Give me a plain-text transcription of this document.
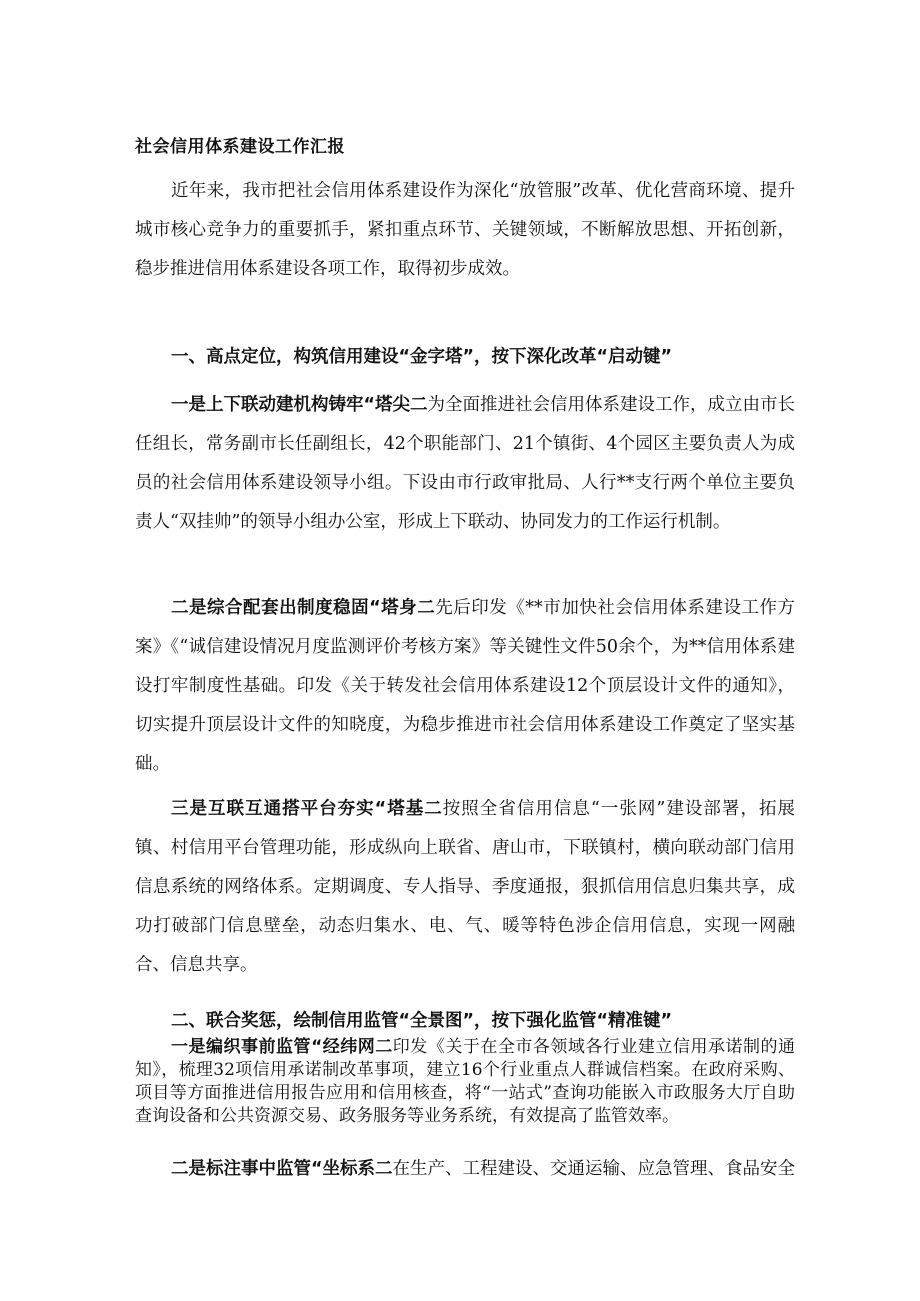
社会信用体系建设工作汇报

近年来，我市把社会信用体系建设作为深化“放管服”改革、优化营商环境、提升城市核心竞争力的重要抓手，紧扣重点环节、关键领域，不断解放思想、开拓创新，稳步推进信用体系建设各项工作，取得初步成效。

一、高点定位，构筑信用建设“金字塔”，按下深化改革“启动键”

一是上下联动建机构铸牢“塔尖二为全面推进社会信用体系建设工作，成立由市长任组长，常务副市长任副组长，42个职能部门、21个镇街、4个园区主要负责人为成员的社会信用体系建设领导小组。下设由市行政审批局、人行**支行两个单位主要负责人“双挂帅”的领导小组办公室，形成上下联动、协同发力的工作运行机制。

二是综合配套出制度稳固“塔身二先后印发《**市加快社会信用体系建设工作方案》《“诚信建设情况月度监测评价考核方案》等关键性文件50余个，为**信用体系建设打牢制度性基础。印发《关于转发社会信用体系建设12个顶层设计文件的通知》，切实提升顶层设计文件的知晓度，为稳步推进市社会信用体系建设工作奠定了坚实基础。

三是互联互通搭平台夯实“塔基二按照全省信用信息“一张网”建设部署，拓展镇、村信用平台管理功能，形成纵向上联省、唐山市，下联镇村，横向联动部门信用信息系统的网络体系。定期调度、专人指导、季度通报，狠抓信用信息归集共享，成功打破部门信息壁垒，动态归集水、电、气、暖等特色涉企信用信息，实现一网融合、信息共享。

二、联合奖惩，绘制信用监管“全景图”，按下强化监管“精准键”

一是编织事前监管“经纬网二印发《关于在全市各领域各行业建立信用承诺制的通知》，梳理32项信用承诺制改革事项，建立16个行业重点人群诚信档案。在政府采购、项目等方面推进信用报告应用和信用核查，将“一站式”查询功能嵌入市政服务大厅自助查询设备和公共资源交易、政务服务等业务系统，有效提高了监管效率。

二是标注事中监管“坐标系二在生产、工程建设、交通运输、应急管理、食品安全
